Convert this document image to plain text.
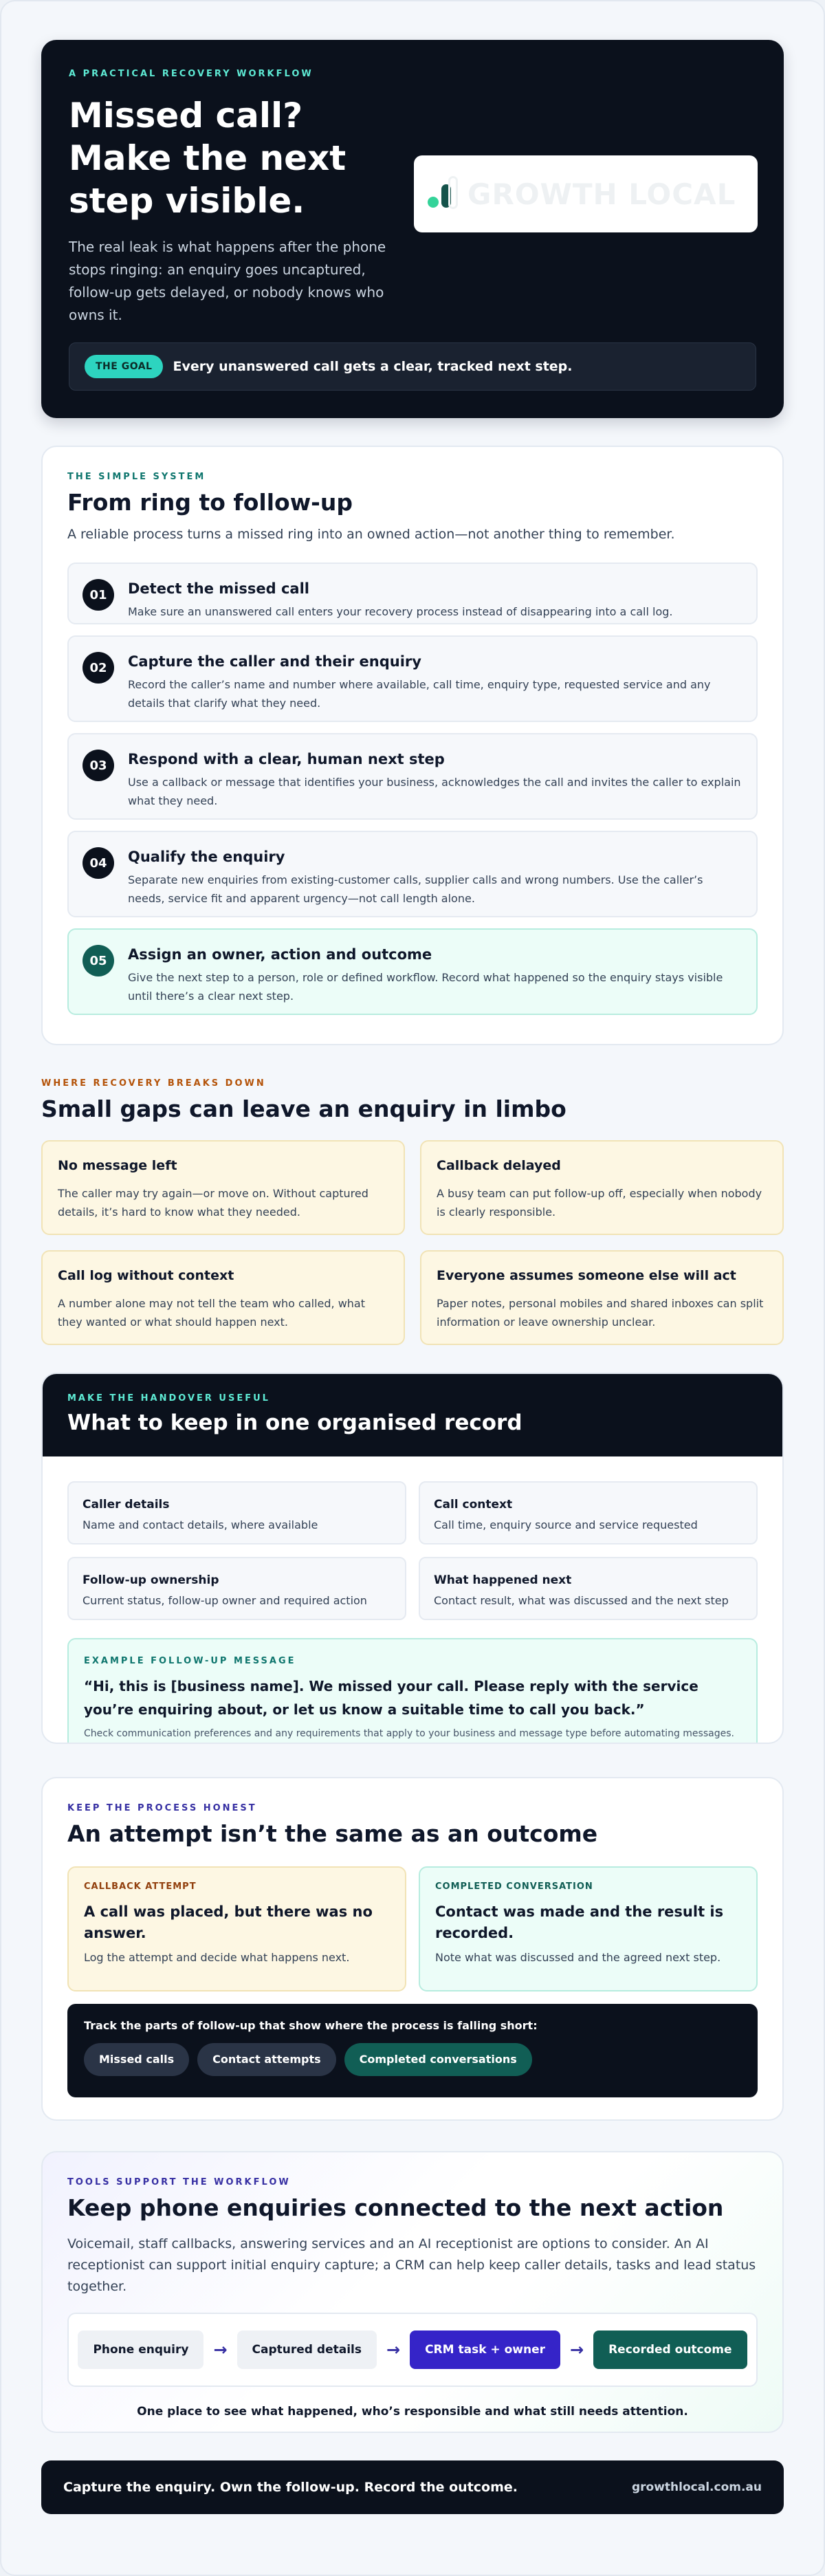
A PRACTICAL RECOVERY WORKFLOW
Missed call? Make the next step visible.

The real leak is what happens after the phone stops ringing: an enquiry goes uncaptured, follow-up gets delayed, or nobody knows who owns it.

GROWTH LOCAL
THE GOAL	Every unanswered call gets a clear, tracked next step.
THE SIMPLE SYSTEM
From ring to follow-up

A reliable process turns a missed ring into an owned action—not another thing to remember.

01	Detect the missed call
Make sure an unanswered call enters your recovery process instead of disappearing into a call log.
02	Capture the caller and their enquiry
Record the caller’s name and number where available, call time, enquiry type, requested service and any details that clarify what they need.
03	Respond with a clear, human next step
Use a callback or message that identifies your business, acknowledges the call and invites the caller to explain what they need.
04	Qualify the enquiry
Separate new enquiries from existing-customer calls, supplier calls and wrong numbers. Use the caller’s needs, service fit and apparent urgency—not call length alone.
05	Assign an owner, action and outcome
Give the next step to a person, role or defined workflow. Record what happened so the enquiry stays visible until there’s a clear next step.
WHERE RECOVERY BREAKS DOWN
Small gaps can leave an enquiry in limbo
No message left
The caller may try again—or move on. Without captured details, it’s hard to know what they needed.
Callback delayed
A busy team can put follow-up off, especially when nobody is clearly responsible.
Call log without context
A number alone may not tell the team who called, what they wanted or what should happen next.
Everyone assumes someone else will act
Paper notes, personal mobiles and shared inboxes can split information or leave ownership unclear.
MAKE THE HANDOVER USEFUL
What to keep in one organised record
Caller details
Name and contact details, where available
Call context
Call time, enquiry source and service requested
Follow-up ownership
Current status, follow-up owner and required action
What happened next
Contact result, what was discussed and the next step
EXAMPLE FOLLOW-UP MESSAGE
“Hi, this is [business name]. We missed your call. Please reply with the service you’re enquiring about, or let us know a suitable time to call you back.”
Check communication preferences and any requirements that apply to your business and message type before automating messages.
KEEP THE PROCESS HONEST
An attempt isn’t the same as an outcome
CALLBACK ATTEMPT
A call was placed, but there was no answer.
Log the attempt and decide what happens next.
COMPLETED CONVERSATION
Contact was made and the result is recorded.
Note what was discussed and the agreed next step.
Track the parts of follow-up that show where the process is falling short:
Missed calls	Contact attempts	Completed conversations
TOOLS SUPPORT THE WORKFLOW
Keep phone enquiries connected to the next action

Voicemail, staff callbacks, answering services and an AI receptionist are options to consider. An AI receptionist can support initial enquiry capture; a CRM can help keep caller details, tasks and lead status together.

Phone enquiry	→	Captured details	→	CRM task + owner	→	Recorded outcome
One place to see what happened, who’s responsible and what still needs attention.
Capture the enquiry. Own the follow-up. Record the outcome.	growthlocal.com.au
